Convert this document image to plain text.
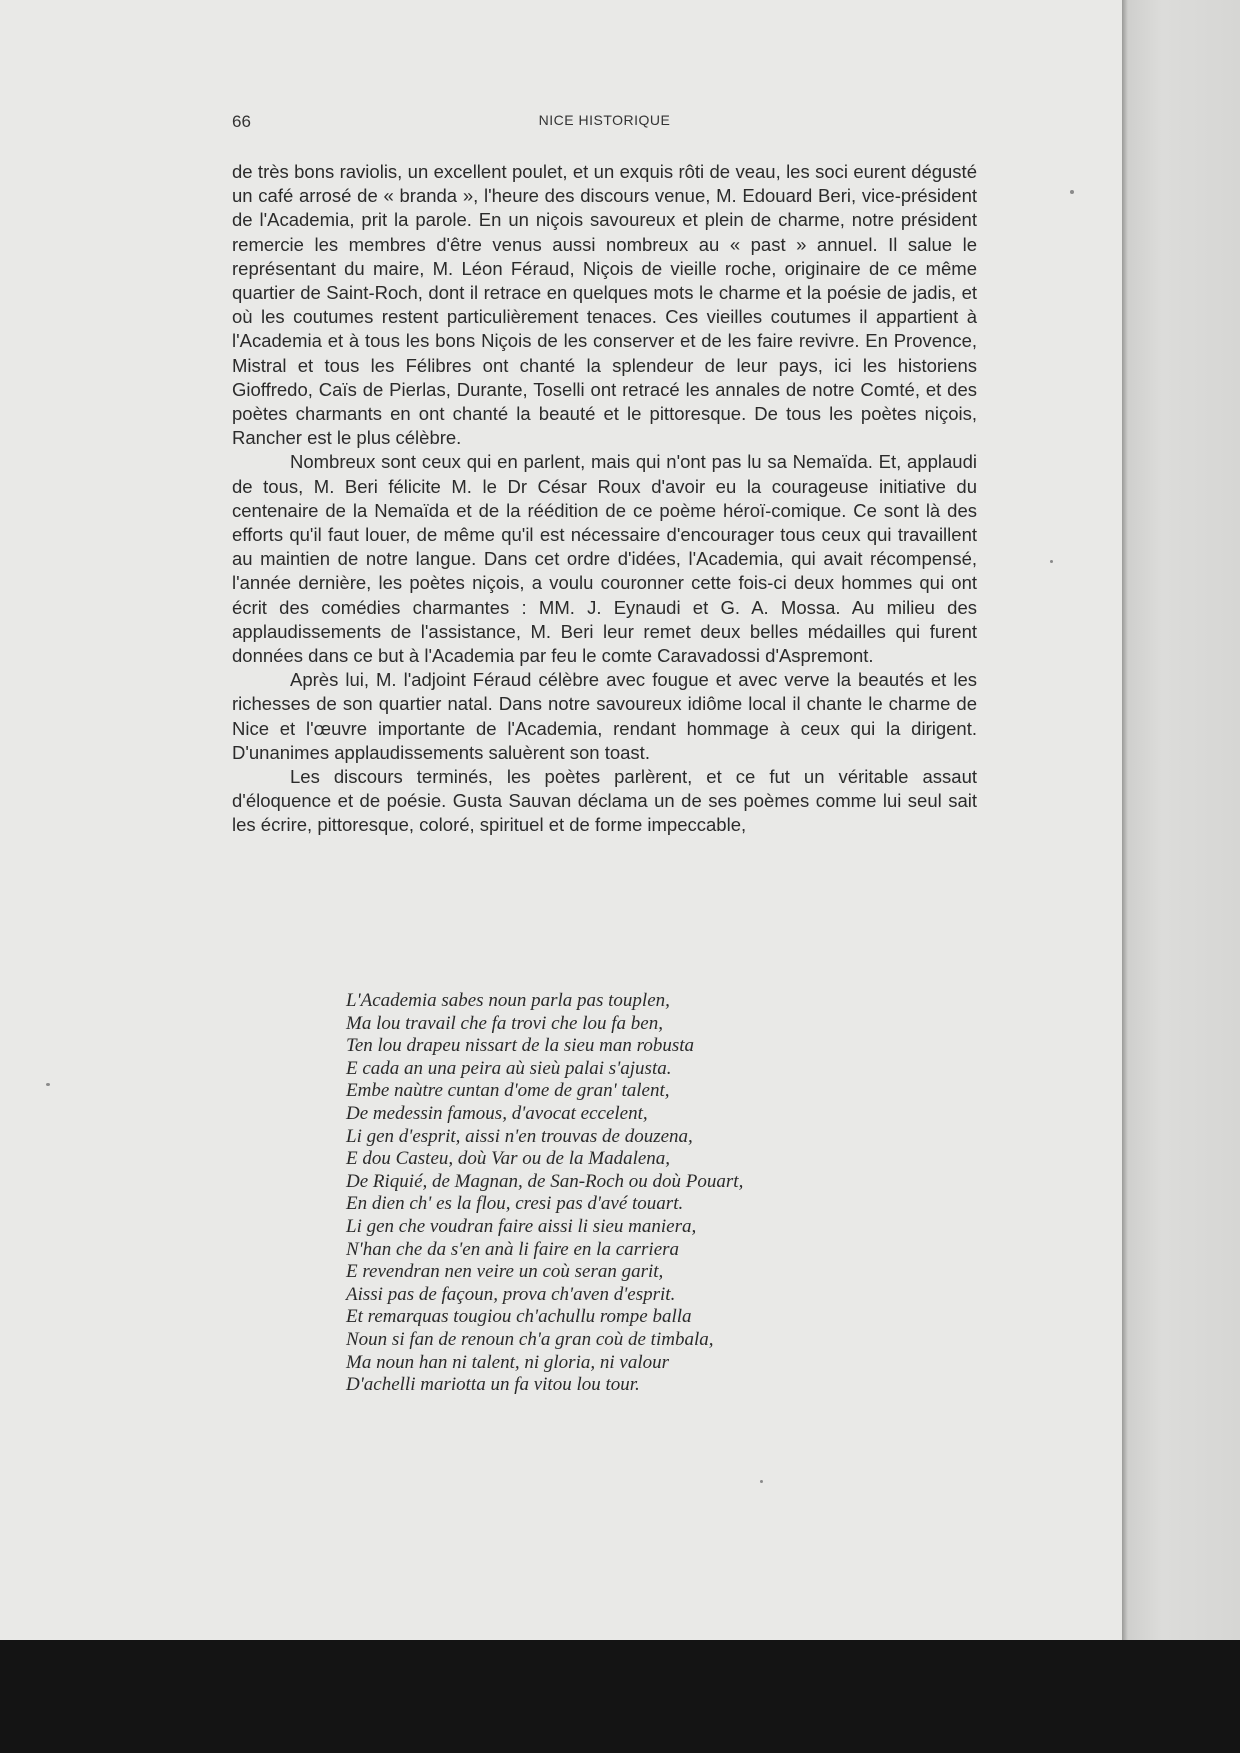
66	NICE HISTORIQUE

de très bons raviolis, un excellent poulet, et un exquis rôti de veau, les soci eurent dégusté un café arrosé de « branda », l'heure des discours venue, M. Edouard Beri, vice-président de l'Academia, prit la parole. En un niçois savoureux et plein de charme, notre président remercie les membres d'être venus aussi nombreux au « past » annuel. Il salue le représentant du maire, M. Léon Féraud, Niçois de vieille roche, originaire de ce même quartier de Saint-Roch, dont il retrace en quelques mots le charme et la poésie de jadis, et où les coutumes restent particulièrement tenaces. Ces vieilles coutumes il appartient à l'Academia et à tous les bons Niçois de les conserver et de les faire revivre. En Provence, Mistral et tous les Félibres ont chanté la splendeur de leur pays, ici les historiens Gioffredo, Caïs de Pierlas, Durante, Toselli ont retracé les annales de notre Comté, et des poètes charmants en ont chanté la beauté et le pittoresque. De tous les poètes niçois, Rancher est le plus célèbre.

Nombreux sont ceux qui en parlent, mais qui n'ont pas lu sa Nemaïda. Et, applaudi de tous, M. Beri félicite M. le Dr César Roux d'avoir eu la courageuse initiative du centenaire de la Nemaïda et de la réédition de ce poème héroï-comique. Ce sont là des efforts qu'il faut louer, de même qu'il est nécessaire d'encourager tous ceux qui travaillent au maintien de notre langue. Dans cet ordre d'idées, l'Academia, qui avait récompensé, l'année dernière, les poètes niçois, a voulu couronner cette fois-ci deux hommes qui ont écrit des comédies charmantes : MM. J. Eynaudi et G. A. Mossa. Au milieu des applaudissements de l'assistance, M. Beri leur remet deux belles médailles qui furent données dans ce but à l'Academia par feu le comte Caravadossi d'Aspremont.

Après lui, M. l'adjoint Féraud célèbre avec fougue et avec verve la beautés et les richesses de son quartier natal. Dans notre savoureux idiôme local il chante le charme de Nice et l'œuvre importante de l'Academia, rendant hommage à ceux qui la dirigent. D'unanimes applaudissements saluèrent son toast.

Les discours terminés, les poètes parlèrent, et ce fut un véritable assaut d'éloquence et de poésie. Gusta Sauvan déclama un de ses poèmes comme lui seul sait les écrire, pittoresque, coloré, spirituel et de forme impeccable,

L'Academia sabes noun parla pas touplen,
Ma lou travail che fa trovi che lou fa ben,
Ten lou drapeu nissart de la sieu man robusta
E cada an una peira aù sieù palai s'ajusta.
Embe naùtre cuntan d'ome de gran' talent,
De medessin famous, d'avocat eccelent,
Li gen d'esprit, aissi n'en trouvas de douzena,
E dou Casteu, doù Var ou de la Madalena,
De Riquié, de Magnan, de San-Roch ou doù Pouart,
En dien ch' es la flou, cresi pas d'avé touart.
Li gen che voudran faire aissi li sieu maniera,
N'han che da s'en anà li faire en la carriera
E revendran nen veire un coù seran garit,
Aissi pas de façoun, prova ch'aven d'esprit.
Et remarquas tougiou ch'achullu rompe balla
Noun si fan de renoun ch'a gran coù de timbala,
Ma noun han ni talent, ni gloria, ni valour
D'achelli mariotta un fa vitou lou tour.
